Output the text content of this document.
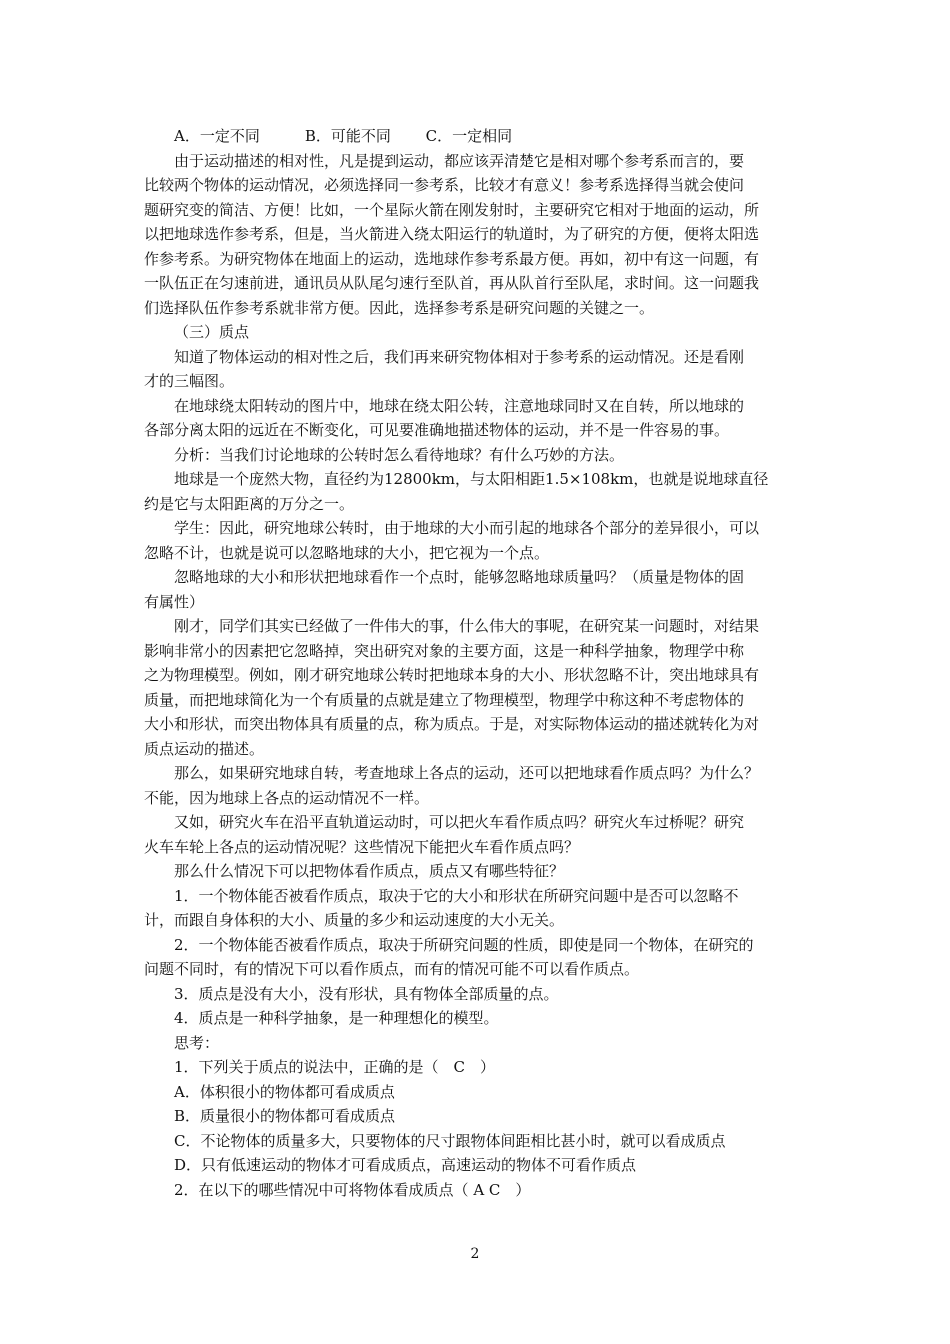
A．一定不同　　　B．可能不同　　 C．一定相同
由于运动描述的相对性，凡是提到运动，都应该弄清楚它是相对哪个参考系而言的，要
比较两个物体的运动情况，必须选择同一参考系，比较才有意义！参考系选择得当就会使问
题研究变的简洁、方便！比如，一个星际火箭在刚发射时，主要研究它相对于地面的运动，所
以把地球选作参考系，但是，当火箭进入绕太阳运行的轨道时，为了研究的方便，便将太阳选
作参考系。为研究物体在地面上的运动，选地球作参考系最方便。再如，初中有这一问题，有
一队伍正在匀速前进，通讯员从队尾匀速行至队首，再从队首行至队尾，求时间。这一问题我
们选择队伍作参考系就非常方便。因此，选择参考系是研究问题的关键之一。
（三）质点
知道了物体运动的相对性之后，我们再来研究物体相对于参考系的运动情况。还是看刚
才的三幅图。
在地球绕太阳转动的图片中，地球在绕太阳公转，注意地球同时又在自转，所以地球的
各部分离太阳的远近在不断变化，可见要准确地描述物体的运动，并不是一件容易的事。
分析：当我们讨论地球的公转时怎么看待地球？有什么巧妙的方法。
地球是一个庞然大物，直径约为12800km，与太阳相距1.5×108km，也就是说地球直径
约是它与太阳距离的万分之一。
学生：因此，研究地球公转时，由于地球的大小而引起的地球各个部分的差异很小，可以
忽略不计，也就是说可以忽略地球的大小，把它视为一个点。
忽略地球的大小和形状把地球看作一个点时，能够忽略地球质量吗？（质量是物体的固
有属性）
刚才，同学们其实已经做了一件伟大的事，什么伟大的事呢，在研究某一问题时，对结果
影响非常小的因素把它忽略掉，突出研究对象的主要方面，这是一种科学抽象，物理学中称
之为物理模型。例如，刚才研究地球公转时把地球本身的大小、形状忽略不计，突出地球具有
质量，而把地球简化为一个有质量的点就是建立了物理模型，物理学中称这种不考虑物体的
大小和形状，而突出物体具有质量的点，称为质点。于是，对实际物体运动的描述就转化为对
质点运动的描述。
那么，如果研究地球自转，考查地球上各点的运动，还可以把地球看作质点吗？为什么？
不能，因为地球上各点的运动情况不一样。
又如，研究火车在沿平直轨道运动时，可以把火车看作质点吗？研究火车过桥呢？研究
火车车轮上各点的运动情况呢？这些情况下能把火车看作质点吗？
那么什么情况下可以把物体看作质点，质点又有哪些特征？
1．一个物体能否被看作质点，取决于它的大小和形状在所研究问题中是否可以忽略不
计，而跟自身体积的大小、质量的多少和运动速度的大小无关。
2．一个物体能否被看作质点，取决于所研究问题的性质，即使是同一个物体，在研究的
问题不同时，有的情况下可以看作质点，而有的情况可能不可以看作质点。
3．质点是没有大小，没有形状，具有物体全部质量的点。
4．质点是一种科学抽象，是一种理想化的模型。
思考：
1．下列关于质点的说法中，正确的是（　C　）
A．体积很小的物体都可看成质点
B．质量很小的物体都可看成质点
C．不论物体的质量多大，只要物体的尺寸跟物体间距相比甚小时，就可以看成质点
D．只有低速运动的物体才可看成质点，高速运动的物体不可看作质点
2．在以下的哪些情况中可将物体看成质点（ A C　）
2
